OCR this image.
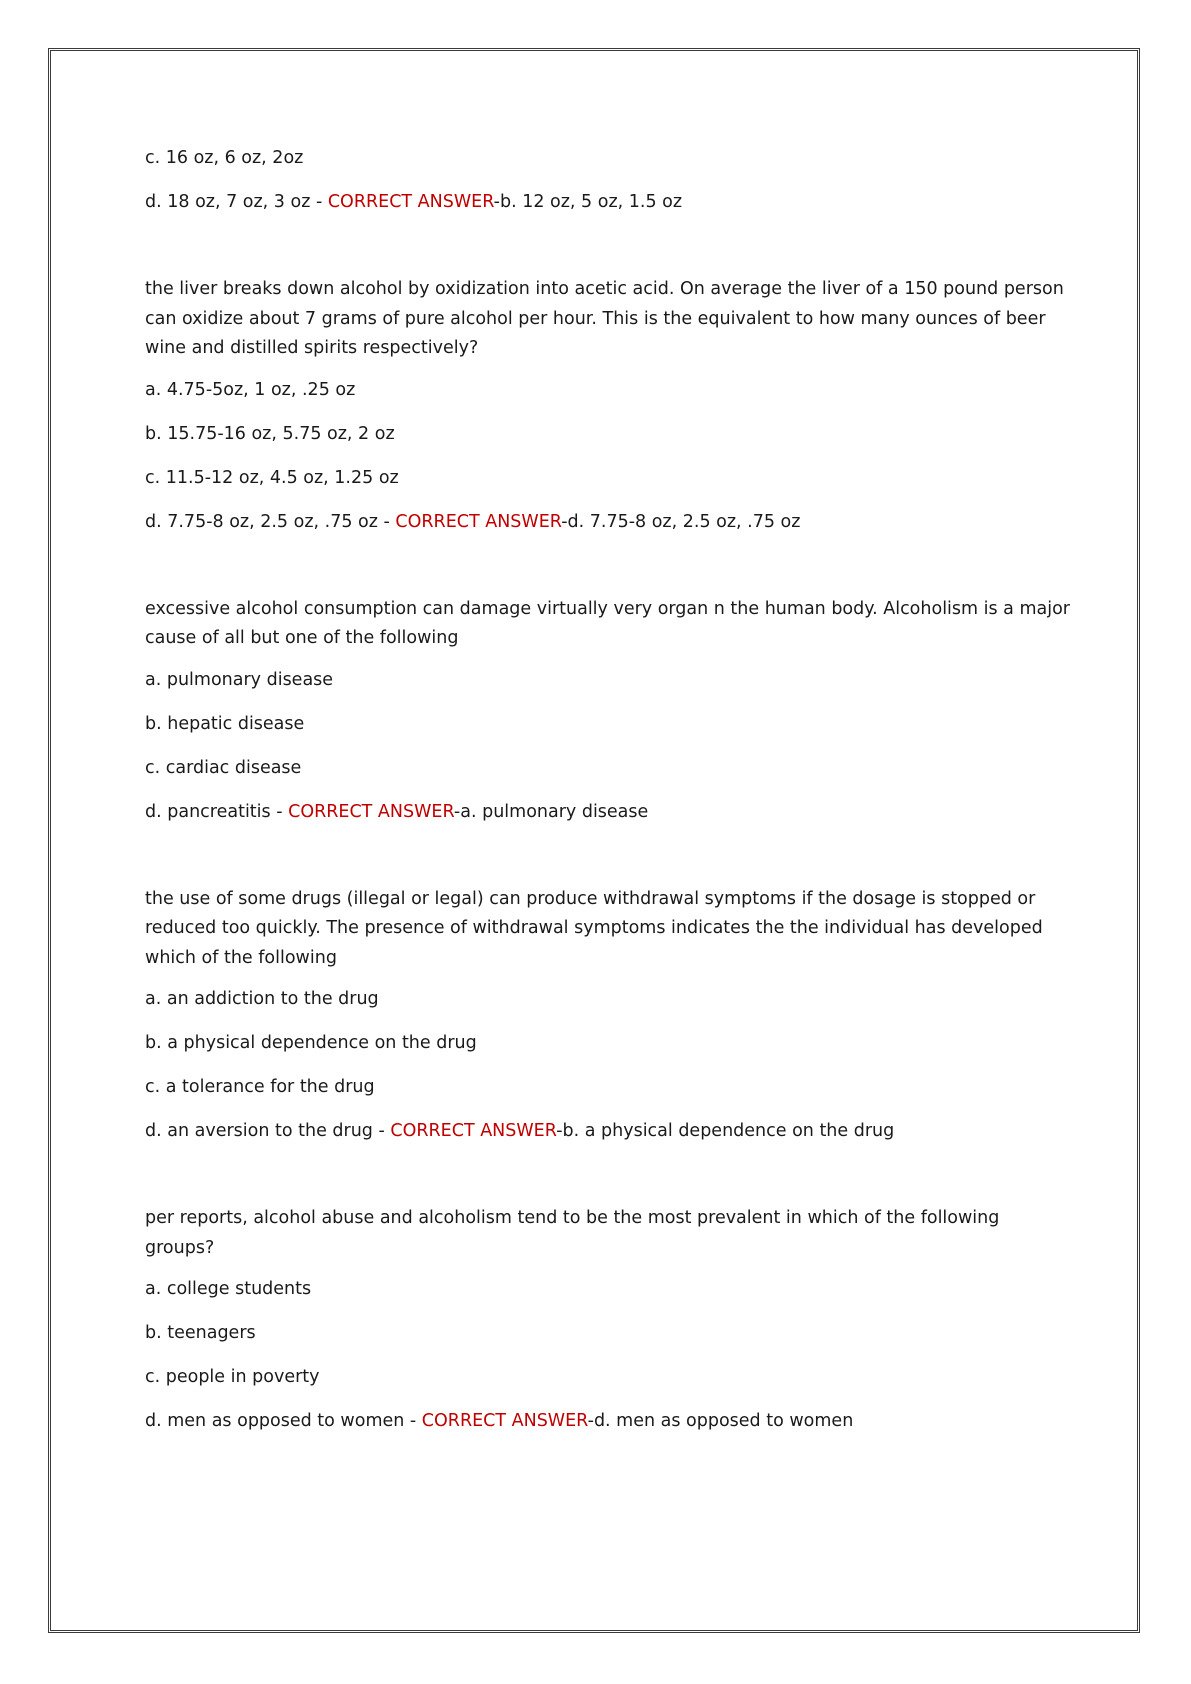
c. 16 oz, 6 oz, 2oz

d. 18 oz, 7 oz, 3 oz - CORRECT ANSWER-b. 12 oz, 5 oz, 1.5 oz

the liver breaks down alcohol by oxidization into acetic acid. On average the liver of a 150 pound person can oxidize about 7 grams of pure alcohol per hour. This is the equivalent to how many ounces of beer wine and distilled spirits respectively?

a. 4.75-5oz, 1 oz, .25 oz

b. 15.75-16 oz, 5.75 oz, 2 oz

c. 11.5-12 oz, 4.5 oz, 1.25 oz

d. 7.75-8 oz, 2.5 oz, .75 oz - CORRECT ANSWER-d. 7.75-8 oz, 2.5 oz, .75 oz

excessive alcohol consumption can damage virtually very organ n the human body. Alcoholism is a major cause of all but one of the following

a. pulmonary disease

b. hepatic disease

c. cardiac disease

d. pancreatitis - CORRECT ANSWER-a. pulmonary disease

the use of some drugs (illegal or legal) can produce withdrawal symptoms if the dosage is stopped or reduced too quickly. The presence of withdrawal symptoms indicates the the individual has developed which of the following

a. an addiction to the drug

b. a physical dependence on the drug

c. a tolerance for the drug

d. an aversion to the drug - CORRECT ANSWER-b. a physical dependence on the drug

per reports, alcohol abuse and alcoholism tend to be the most prevalent in which of the following groups?

a. college students

b. teenagers

c. people in poverty

d. men as opposed to women - CORRECT ANSWER-d. men as opposed to women
